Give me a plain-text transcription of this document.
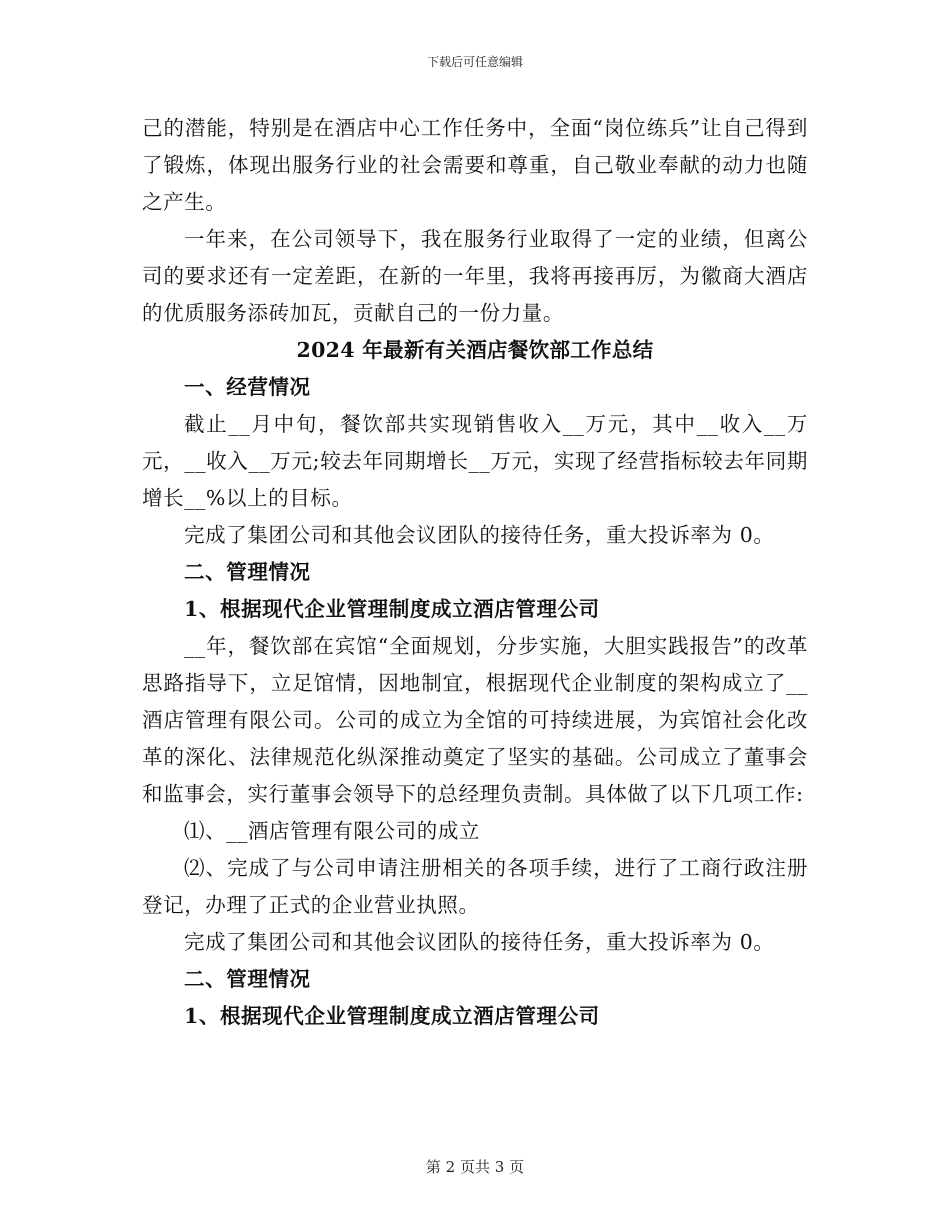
下载后可任意编辑

己的潜能，特别是在酒店中心工作任务中，全面“岗位练兵”让自己得到了锻炼，体现出服务行业的社会需要和尊重，自己敬业奉献的动力也随之产生。

一年来，在公司领导下，我在服务行业取得了一定的业绩，但离公司的要求还有一定差距，在新的一年里，我将再接再厉，为徽商大酒店的优质服务添砖加瓦，贡献自己的一份力量。

2024 年最新有关酒店餐饮部工作总结

一、经营情况

截止__月中旬，餐饮部共实现销售收入__万元，其中__收入__万元，__收入__万元;较去年同期增长__万元，实现了经营指标较去年同期增长__%以上的目标。

完成了集团公司和其他会议团队的接待任务，重大投诉率为 0。

二、管理情况

1、根据现代企业管理制度成立酒店管理公司

__年，餐饮部在宾馆“全面规划，分步实施，大胆实践报告”的改革思路指导下，立足馆情，因地制宜，根据现代企业制度的架构成立了__酒店管理有限公司。公司的成立为全馆的可持续进展，为宾馆社会化改革的深化、法律规范化纵深推动奠定了坚实的基础。公司成立了董事会和监事会，实行董事会领导下的总经理负责制。具体做了以下几项工作:

⑴、__酒店管理有限公司的成立

⑵、完成了与公司申请注册相关的各项手续，进行了工商行政注册登记，办理了正式的企业营业执照。

完成了集团公司和其他会议团队的接待任务，重大投诉率为 0。

二、管理情况

1、根据现代企业管理制度成立酒店管理公司

第 2 页共 3 页
